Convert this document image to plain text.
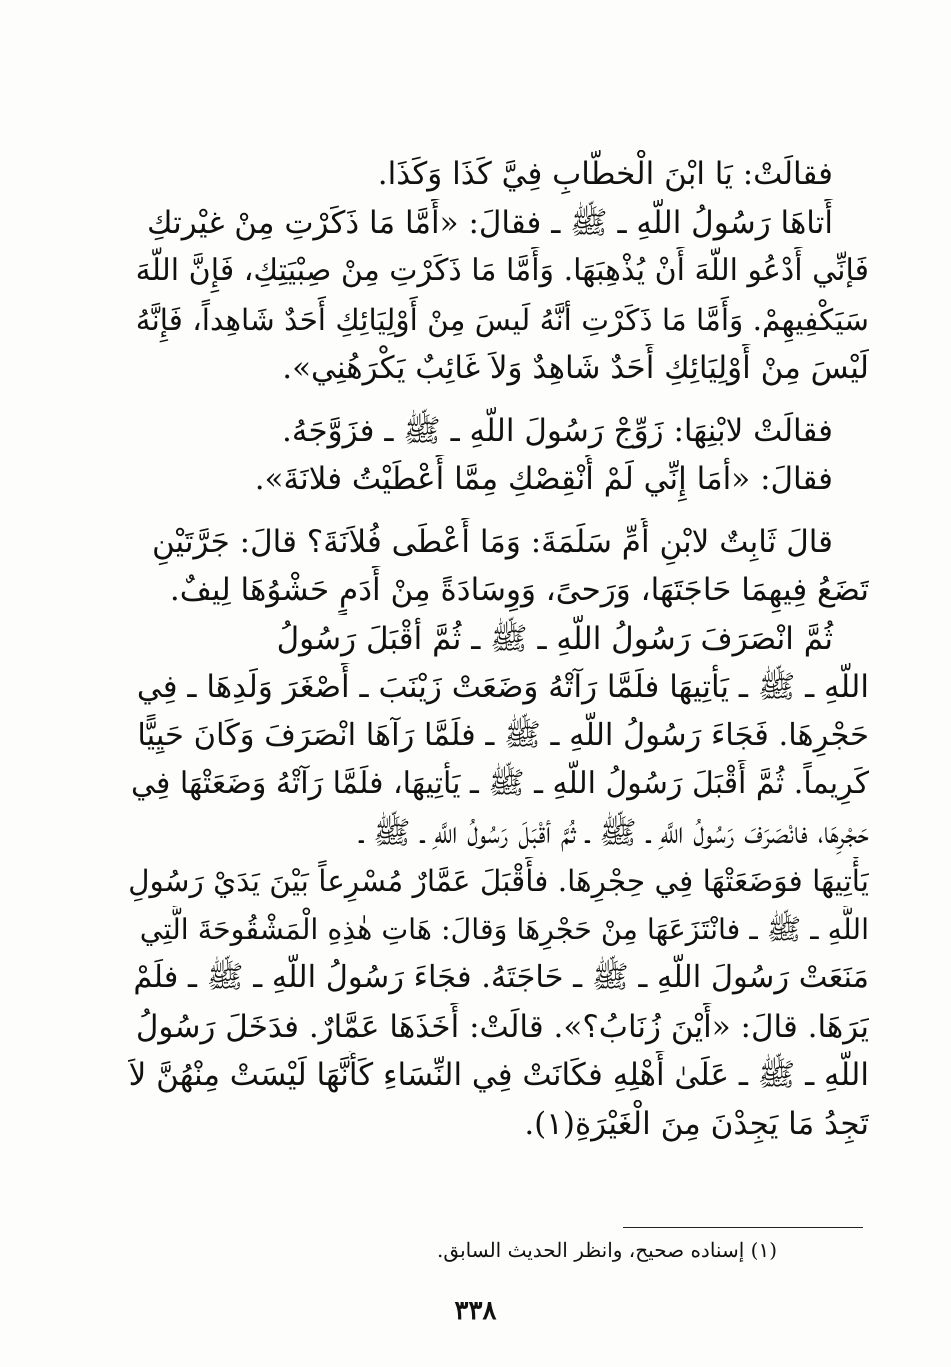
فقالَتْ: يَا ابْنَ الْخطَّابِ فِيَّ كَذَا وَكَذَا.
أَتاهَا رَسُولُ اللَّهِ ـ ﷺ ـ فقالَ: «أَمَّا مَا ذَكَرْتِ مِنْ غيْرتكِ
فَإنِّي أَدْعُو اللَّهَ أَنْ يُذْهِبَهَا. وَأَمَّا مَا ذَكَرْتِ مِنْ صِبْيَتِكِ، فَإِنَّ اللَّهَ
سَيَكْفِيهِمْ. وَأَمَّا مَا ذَكَرْتِ أنَّهُ لَيسَ مِنْ أَوْلِيَائِكِ أَحَدٌ شَاهِداً، فَإِنَّهُ
لَيْسَ مِنْ أَوْلِيَائِكِ أَحَدٌ شَاهِدٌ وَلاَ غَائِبٌ يَكْرَهُنِي».
فقالَتْ لابْنِهَا: زَوِّجْ رَسُولَ اللَّهِ ـ ﷺ ـ فزَوَّجَهُ.
فقالَ: «أمَا إِنِّي لَمْ أُنْقِصْكِ مِمَّا أَعْطَيْتُ فلانَةَ».
قالَ ثَابِتٌ لابْنِ أُمِّ سَلَمَةَ: وَمَا أَعْطَى فُلاَنَةَ؟ قالَ: جَرَّتَيْنِ
تَضَعُ فِيهِمَا حَاجَتَهَا، وَرَحىً، وَوِسَادَةً مِنْ أَدَمٍ حَشْوُهَا لِيفٌ.
ثُمَّ انْصَرَفَ رَسُولُ اللَّهِ ـ ﷺ ـ ثُمَّ أقْبَلَ رَسُولُ
اللَّهِ ـ ﷺ ـ يَأْتِيهَا فلَمَّا رَآتْهُ وَضَعَتْ زَيْنَبَ ـ أَصْغَرَ وَلَدِهَا ـ فِي
حَجْرِهَا. فَجَاءَ رَسُولُ اللَّهِ ـ ﷺ ـ فلَمَّا رَآهَا انْصَرَفَ وَكَانَ حَيِيًّا
كَرِيماً. ثُمَّ أَقْبَلَ رَسُولُ اللَّهِ ـ ﷺ ـ يَأْتِيهَا، فلَمَّا رَآتْهُ وَضَعَتْهَا فِي
حَجْرِهَا، فانْصَرَفَ رَسُولُ اللَّهِ ـ ﷺ ـ ثُمَّ أقْبَلَ رَسُولُ اللَّهِ ـ ﷺ ـ
يَأْتِيهَا فوَضَعَتْهَا فِي حِجْرِهَا. فأَقْبَلَ عَمَّارٌ مُسْرِعاً بَيْنَ يَدَيْ رَسُولِ
اللَّهِ ـ ﷺ ـ فانْتَزَعَهَا مِنْ حَجْرِهَا وَقالَ: هَاتِ هٰذِهِ الْمَشْقُوحَةَ الَّتِي
مَنَعَتْ رَسُولَ اللَّهِ ـ ﷺ ـ حَاجَتَهُ. فجَاءَ رَسُولُ اللَّهِ ـ ﷺ ـ فلَمْ
يَرَهَا. قالَ: «أَيْنَ زُنَابُ؟». قالَتْ: أَخَذَهَا عَمَّارٌ. فدَخَلَ رَسُولُ
اللَّهِ ـ ﷺ ـ عَلَىٰ أَهْلِهِ فكَانَتْ فِي النِّسَاءِ كَأَنَّهَا لَيْسَتْ مِنْهُنَّ لاَ
تَجِدُ مَا يَجِدْنَ مِنَ الْغَيْرَةِ(١).
(١) إسناده صحيح، وانظر الحديث السابق.
٣٣٨
